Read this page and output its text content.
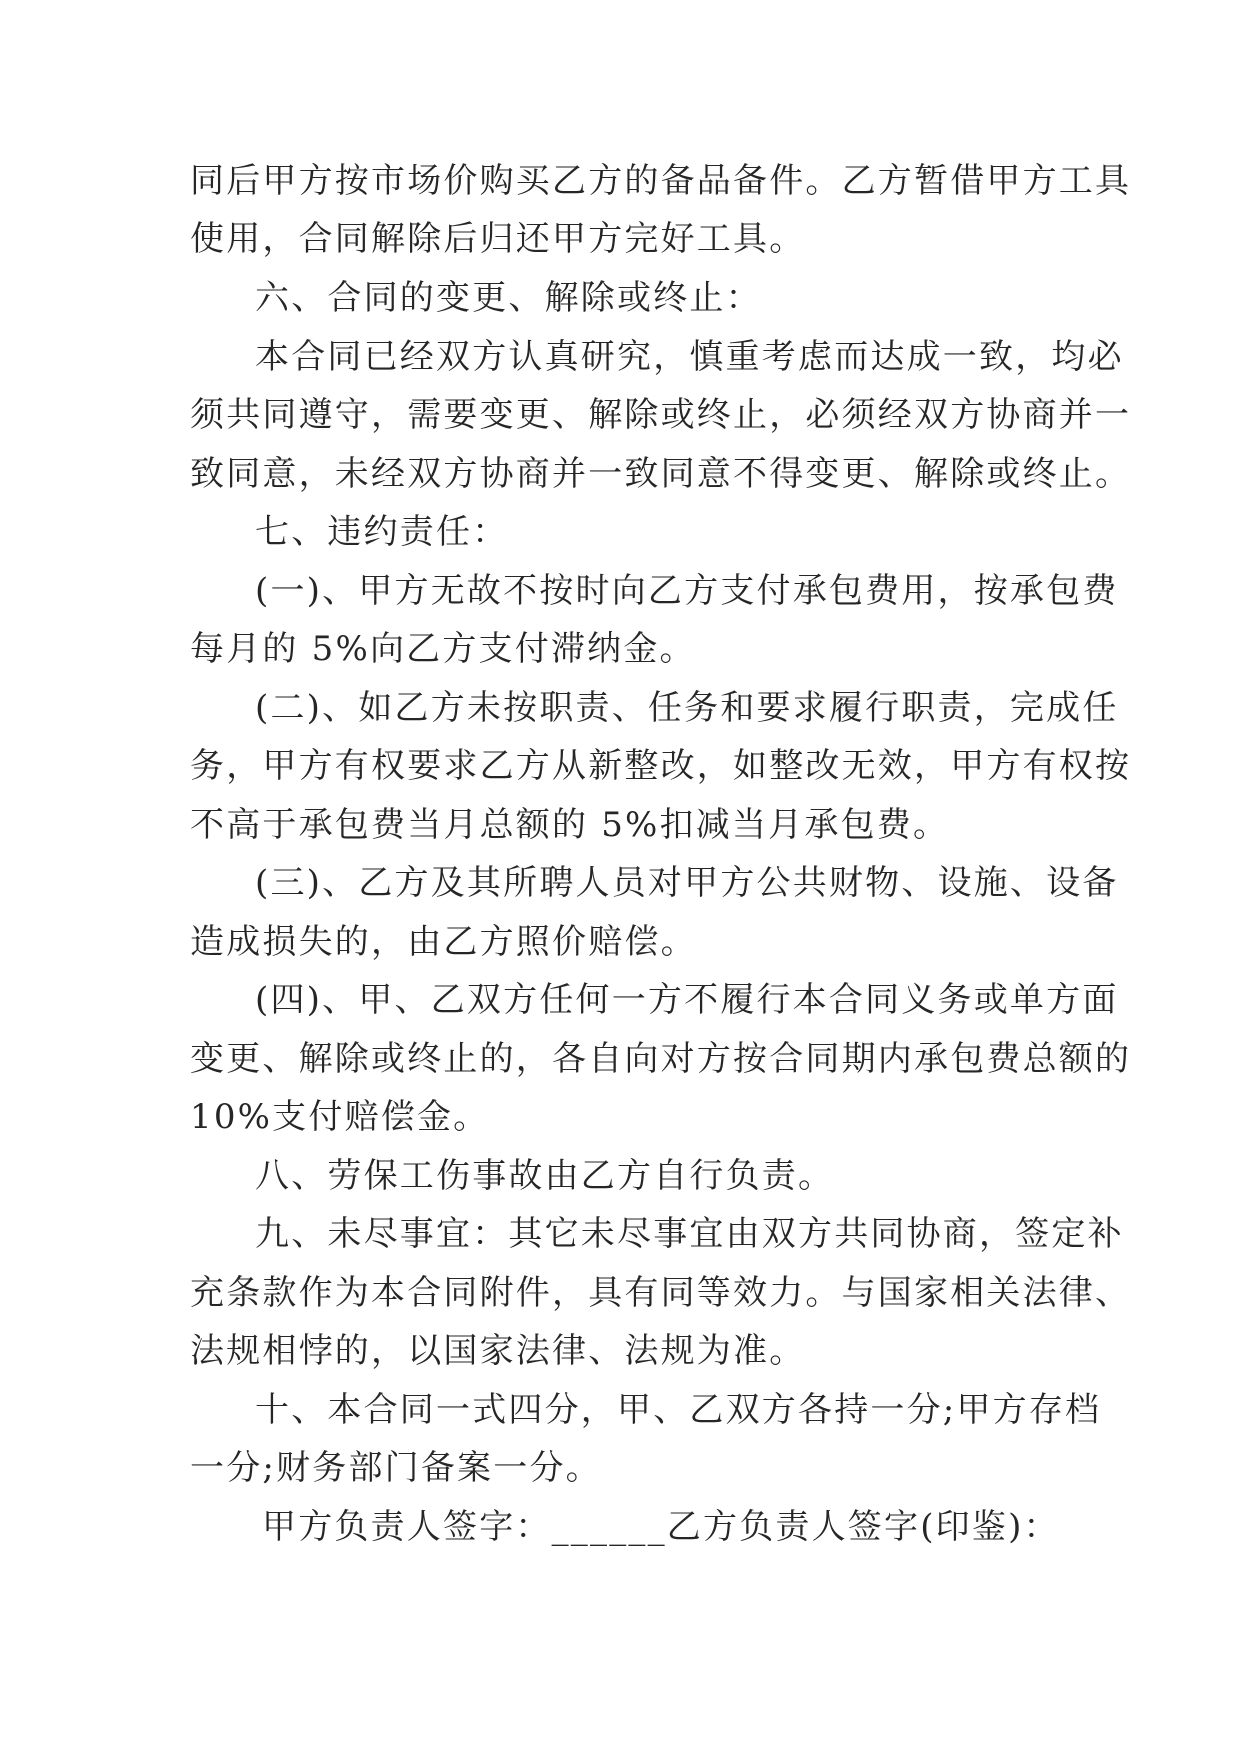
同后甲方按市场价购买乙方的备品备件。乙方暂借甲方工具

使用，合同解除后归还甲方完好工具。

六、合同的变更、解除或终止：

本合同已经双方认真研究，慎重考虑而达成一致，均必

须共同遵守，需要变更、解除或终止，必须经双方协商并一

致同意，未经双方协商并一致同意不得变更、解除或终止。

七、违约责任：

(一)、甲方无故不按时向乙方支付承包费用，按承包费

每月的 5%向乙方支付滞纳金。

(二)、如乙方未按职责、任务和要求履行职责，完成任

务，甲方有权要求乙方从新整改，如整改无效，甲方有权按

不高于承包费当月总额的 5%扣减当月承包费。

(三)、乙方及其所聘人员对甲方公共财物、设施、设备

造成损失的，由乙方照价赔偿。

(四)、甲、乙双方任何一方不履行本合同义务或单方面

变更、解除或终止的，各自向对方按合同期内承包费总额的

10%支付赔偿金。

八、劳保工伤事故由乙方自行负责。

九、未尽事宜：其它未尽事宜由双方共同协商，签定补

充条款作为本合同附件，具有同等效力。与国家相关法律、

法规相悖的，以国家法律、法规为准。

十、本合同一式四分，甲、乙双方各持一分;甲方存档

一分;财务部门备案一分。

甲方负责人签字：______乙方负责人签字(印鉴)：
